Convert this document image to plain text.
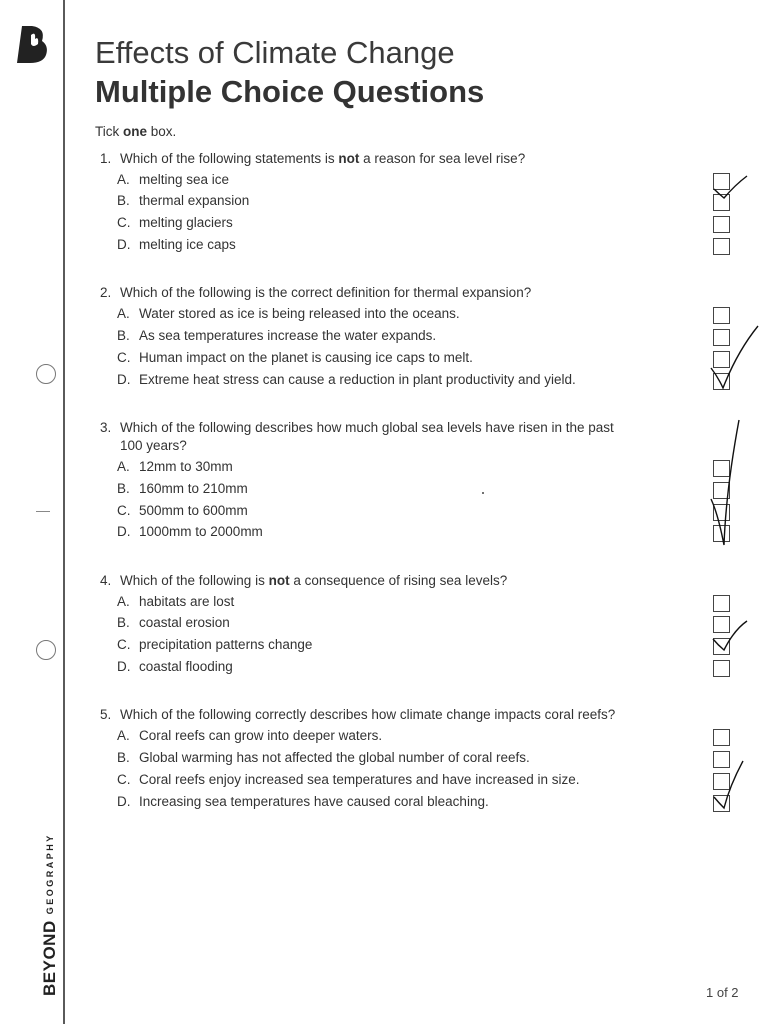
BEYONDGEOGRAPHY
Effects of Climate Change
Multiple Choice Questions
Tick one box.
1. Which of the following statements is not a reason for sea level rise?
A. melting sea ice
B. thermal expansion
C. melting glaciers
D. melting ice caps
2. Which of the following is the correct definition for thermal expansion?
A. Water stored as ice is being released into the oceans.
B. As sea temperatures increase the water expands.
C. Human impact on the planet is causing ice caps to melt.
D. Extreme heat stress can cause a reduction in plant productivity and yield.
3. Which of the following describes how much global sea levels have risen in the past
100 years?
A. 12mm to 30mm
B. 160mm to 210mm
C. 500mm to 600mm
D. 1000mm to 2000mm
4. Which of the following is not a consequence of rising sea levels?
A. habitats are lost
B. coastal erosion
C. precipitation patterns change
D. coastal flooding
5. Which of the following correctly describes how climate change impacts coral reefs?
A. Coral reefs can grow into deeper waters.
B. Global warming has not affected the global number of coral reefs.
C. Coral reefs enjoy increased sea temperatures and have increased in size.
D. Increasing sea temperatures have caused coral bleaching.
1 of 2
